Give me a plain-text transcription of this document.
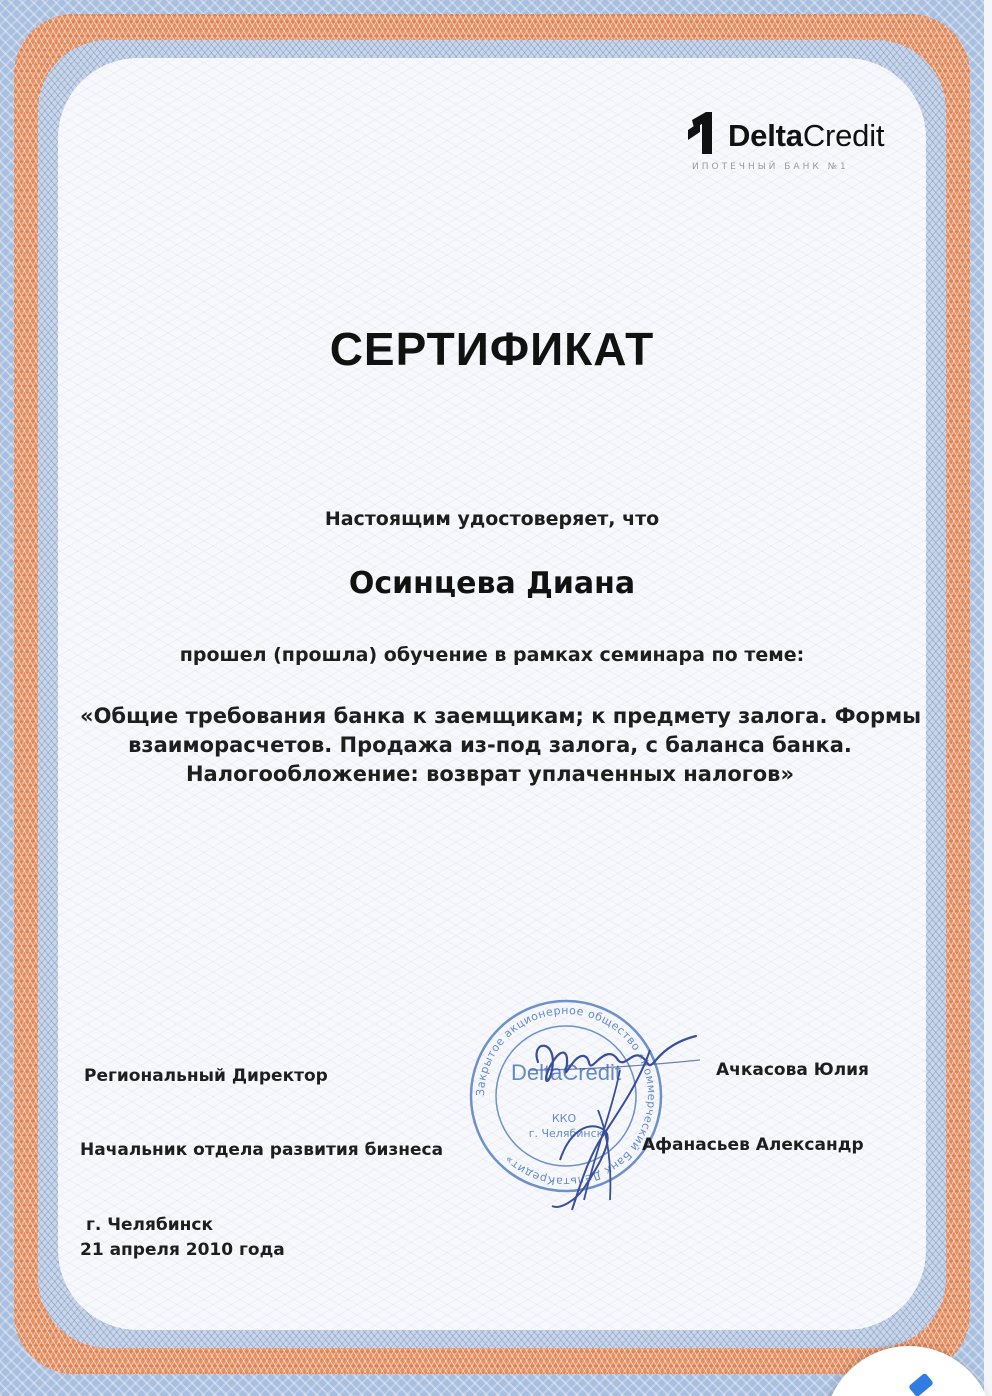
DeltaCredit
ИПОТЕЧНЫЙ БАНК №1
СЕРТИФИКАТ
Настоящим удостоверяет, что
Осинцева Диана
прошел (прошла) обучение в рамках семинара по теме:
«Общие требования банка к заемщикам; к предмету залога. Формы
взаиморасчетов. Продажа из-под залога, с баланса банка.
Налогообложение: возврат уплаченных налогов»
Закрытое акционерное общество «Коммерческий Банк ДельтаКредит»
DeltaCredit
ККО
г. Челябинск
Региональный Директор	Ачкасова Юлия
Начальник отдела развития бизнеса	Афанасьев Александр
г. Челябинск
21 апреля 2010 года
